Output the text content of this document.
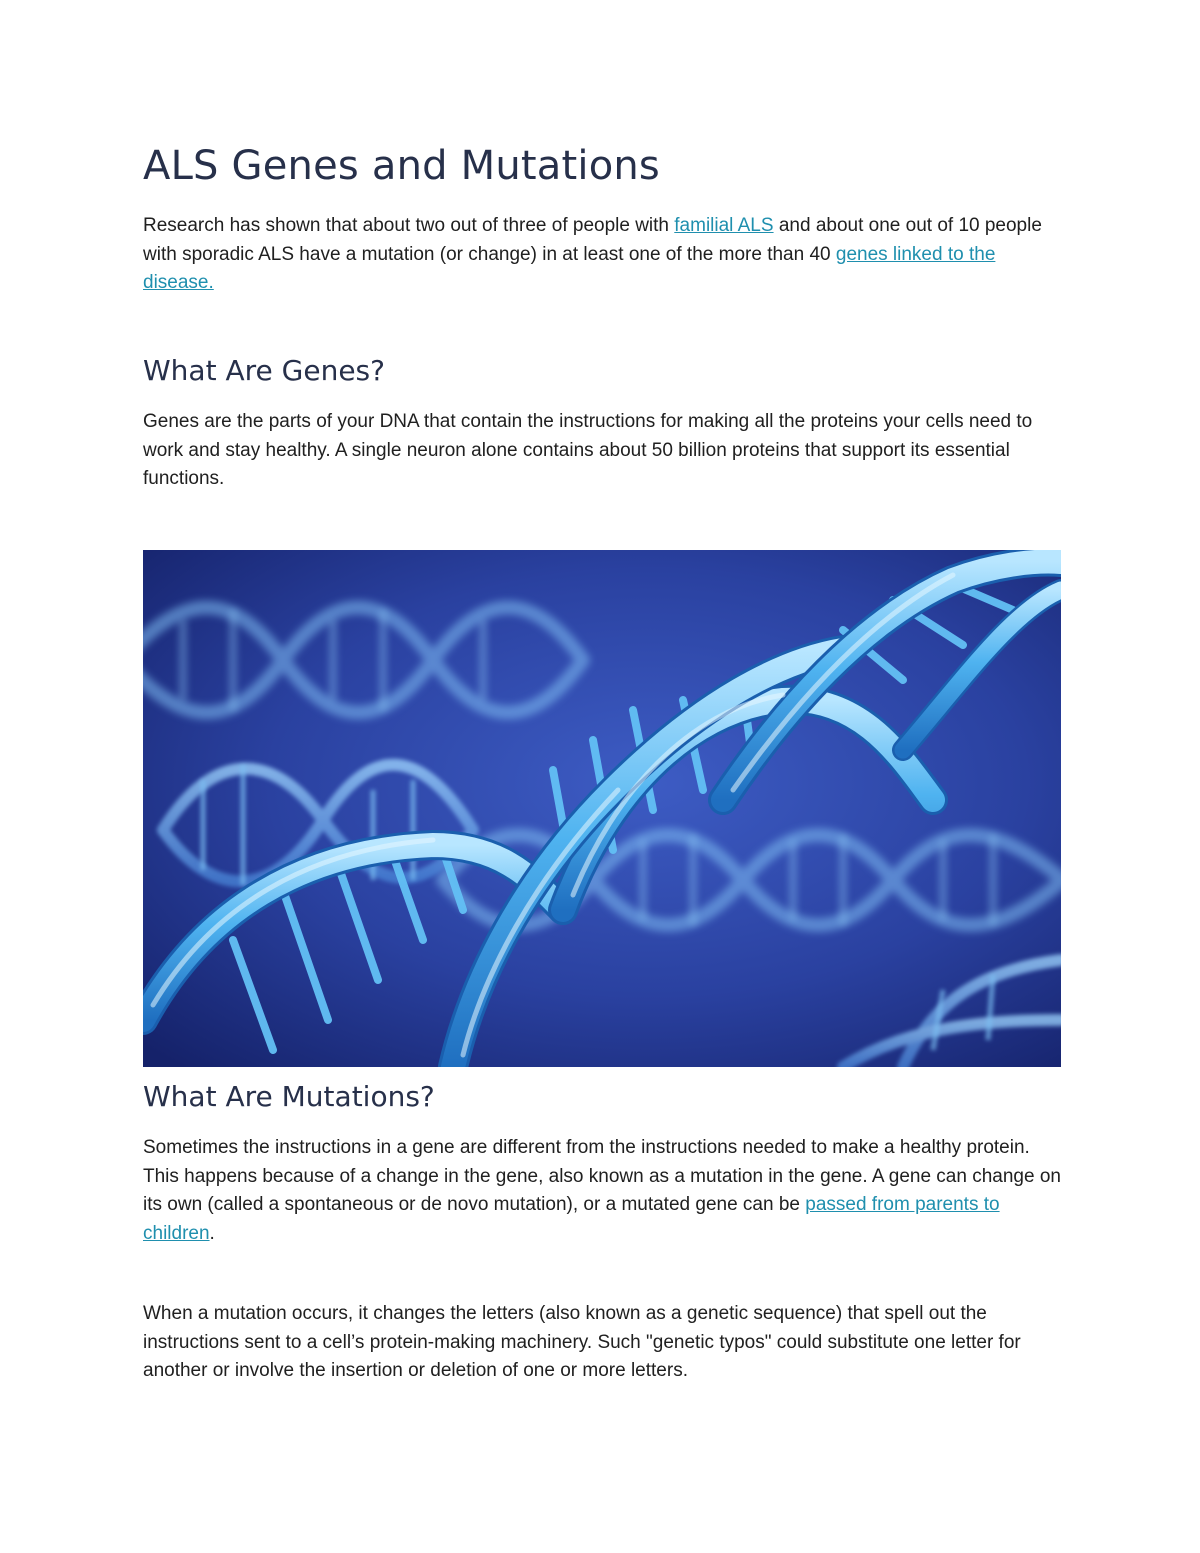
ALS Genes and Mutations

Research has shown that about two out of three of people with familial ALS and about one out of 10 people with sporadic ALS have a mutation (or change) in at least one of the more than 40 genes linked to the disease.

What Are Genes?

Genes are the parts of your DNA that contain the instructions for making all the proteins your cells need to work and stay healthy. A single neuron alone contains about 50 billion proteins that support its essential functions.

What Are Mutations?

Sometimes the instructions in a gene are different from the instructions needed to make a healthy protein. This happens because of a change in the gene, also known as a mutation in the gene. A gene can change on its own (called a spontaneous or de novo mutation), or a mutated gene can be passed from parents to children.

When a mutation occurs, it changes the letters (also known as a genetic sequence) that spell out the instructions sent to a cell’s protein-making machinery. Such "genetic typos" could substitute one letter for another or involve the insertion or deletion of one or more letters.
